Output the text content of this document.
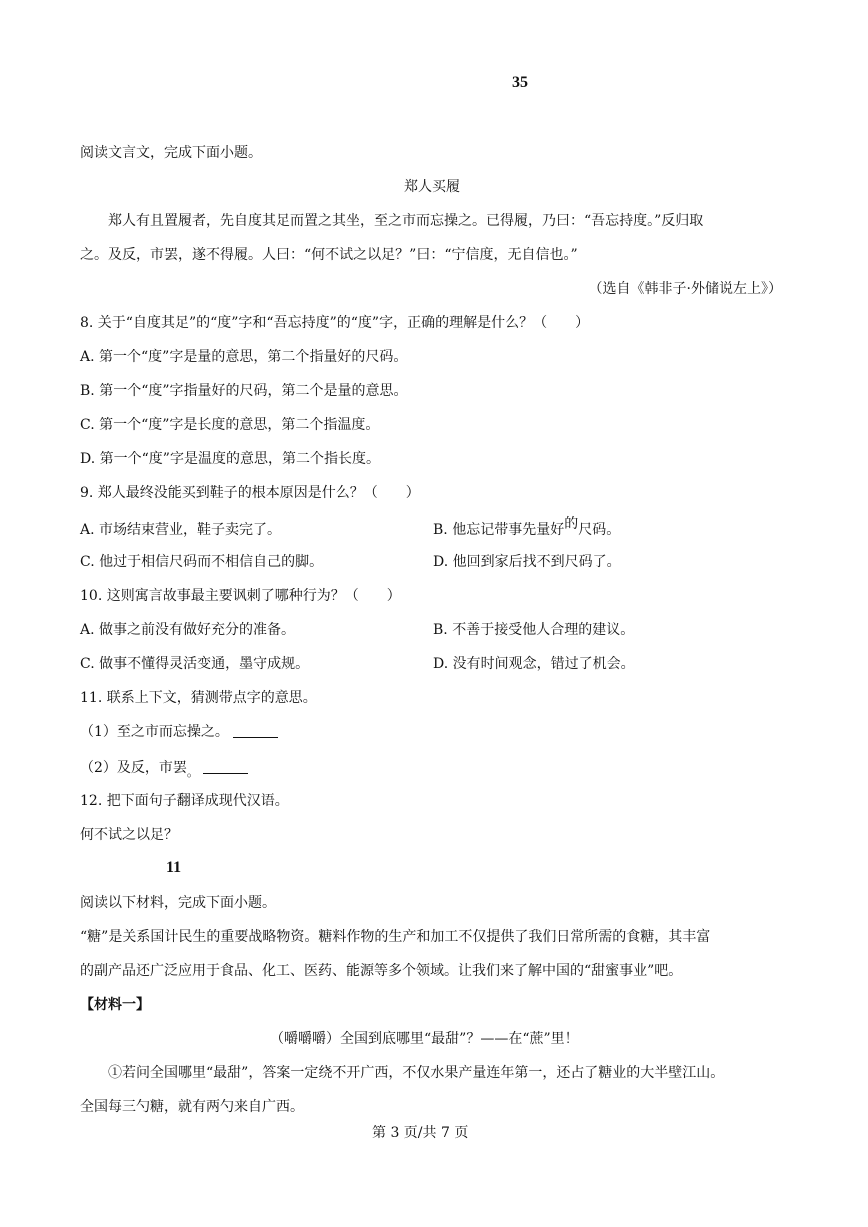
35
阅读文言文，完成下面小题。
郑人买履
郑人有且置履者，先自度其足而置之其坐，至之市而忘操之。已得履，乃曰：“吾忘持度。”反归取
之。及反，市罢，遂不得履。人曰：“何不试之以足？”曰：“宁信度，无自信也。”
（选自《韩非子·外储说左上》）
8. 关于“自度其足”的“度”字和“吾忘持度”的“度”字，正确的理解是什么？（　　）
A. 第一个“度”字是量的意思，第二个指量好的尺码。
B. 第一个“度”字指量好的尺码，第二个是量的意思。
C. 第一个“度”字是长度的意思，第二个指温度。
D. 第一个“度”字是温度的意思，第二个指长度。
9. 郑人最终没能买到鞋子的根本原因是什么？（　　）
A. 市场结束营业，鞋子卖完了。	B. 他忘记带事先量好的尺码。
C. 他过于相信尺码而不相信自己的脚。	D. 他回到家后找不到尺码了。
10. 这则寓言故事最主要讽刺了哪种行为？（　　）
A. 做事之前没有做好充分的准备。	B. 不善于接受他人合理的建议。
C. 做事不懂得灵活变通，墨守成规。	D. 没有时间观念，错过了机会。
11. 联系上下文，猜测带点字的意思。
（1）至之市而忘操之。
（2）及反，市罢。
12. 把下面句子翻译成现代汉语。
何不试之以足？
11
阅读以下材料，完成下面小题。
“糖”是关系国计民生的重要战略物资。糖料作物的生产和加工不仅提供了我们日常所需的食糖，其丰富
的副产品还广泛应用于食品、化工、医药、能源等多个领域。让我们来了解中国的“甜蜜事业”吧。
【材料一】
（嚼嚼嚼）全国到底哪里“最甜”？——在“蔗”里！
①若问全国哪里“最甜”，答案一定绕不开广西，不仅水果产量连年第一，还占了糖业的大半壁江山。
全国每三勺糖，就有两勺来自广西。
第 3 页/共 7 页
